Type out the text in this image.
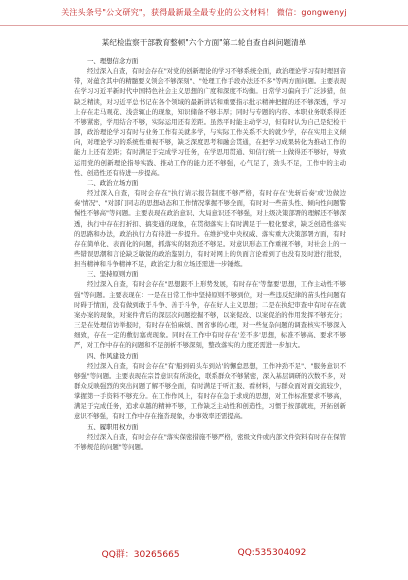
关注头条号"公文研究"，获得最新最全最专业的公文材料！ 微信：gongwenyj
某纪检监察干部教育整顿"六个方面"第二轮自查自纠问题清单
一、理想信念方面
经过深入自查，有时会存在"对党的创新理论的学习不够系统全面，政治理论学习有时理回音带，对蕴含其中的精髓要义领会不够深刻"、"处理工作手段办法还不多"等两方面问题。主要表现在学习习近平新时代中国特色社会主义思想的广度和深度不均衡。日常学习偏向于广泛涉猎，但缺乏精读，对习近平总书记在各个领域的最新讲话和重要指示批示精神把握的还不够深透，学习上存在走马观花、浅尝辄止的现象，知识储备不够丰厚；同时与专题的内容、本职业务联系得还不够紧密，学用结合不够，实际运用还有差距。虽然平时能主动学习，但有时认为自己是纪检干部，政治理论学习有时与业务工作有关就多学，与实际工作关系不大的就少学，存在实用主义倾向，对理论学习的系统性重视不够，缺乏深度思考和融会贯通，在把学习成果转化为推动工作的能力上还有差距；有时满足于完成学习任务，在学思用贯通、知信行统一上做得还不够好，导致运用党的创新理论指导实践、推动工作的能力还不够强，心气足了，劲头不足，工作中的主动性、创造性还有待进一步提高。
二、政治立场方面
经过深入自查，有时会存在"执行请示报告制度不够严格，有时存在'先斩后奏'或'边做边奏'情况"、"对部门同志的思想动态和工作情况掌握不够全面，有时对一些苗头性、倾向性问题警惕性不够高"等问题。主要表现在政治意识、大局意识还不够强，对上级决策部署的理解还不够深透，执行中存在打折扣、搞变通的现象，在贯彻落实上有时满足于一般化要求，缺乏创造性落实的思路和办法，政治执行力有待进一步提升。在维护党中央权威、落实重大决策部署方面，有时存在简单化、表面化的问题，抓落实的韧劲还不够足。对意识形态工作重视不够，对社会上的一些错误思潮和言论缺乏敏锐的政治鉴别力，有时对网上的负面言论看到了也没有及时进行批驳，担当精神和斗争精神不足，政治定力和立场还需进一步锤炼。
三、坚持原则方面
经过深入自查，有时会存在"思想跟不上形势发展，有时存在'等靠要'思想，工作主动性不够强"等问题。主要表现在：一是在日常工作中坚持原则不够到位，对一些违反纪律的苗头性问题有时碍于情面，没有做到敢于斗争、善于斗争，存在好人主义思想；二是在执纪审查中有时存在就案办案的现象，对案件背后的深层次问题挖掘不够，以案促改、以案促治的作用发挥不够充分；三是在处理信访举报时，有时存在怕麻烦、图省事的心理，对一些复杂问题的调查核实不够深入细致，存在一定的敷衍塞责现象。同时在工作中有时存在'差不多'思想，标准不够高、要求不够严，对工作中存在的问题和不足剖析不够深刻，整改落实的力度还需进一步加大。
四、作风建设方面
经过深入自查，有时会存在"有'船到码头车到站'的懈怠思想，工作冲劲不足"、"服务意识不够强"等问题。主要表现在宗旨意识有所淡化，联系群众不够紧密，深入基层调研的次数不多，对群众反映强烈的突出问题了解不够全面，有时满足于听汇报、看材料，与群众面对面交流较少，掌握第一手资料不够充分。在工作作风上，有时存在急于求成的思想，对工作标准要求不够高，满足于完成任务，追求卓越的精神不够，工作缺乏主动性和创造性，习惯于按部就班，开拓创新意识不够强，有时工作中存在拖沓现象，办事效率还需提高。
五、履职用权方面
经过深入自查，有时会存在"落实保密措施不够严格，密级文件或内部文件资料有时存在保管不够规范的问题"等问题。
QQ群：30265665	QQ:535304092
